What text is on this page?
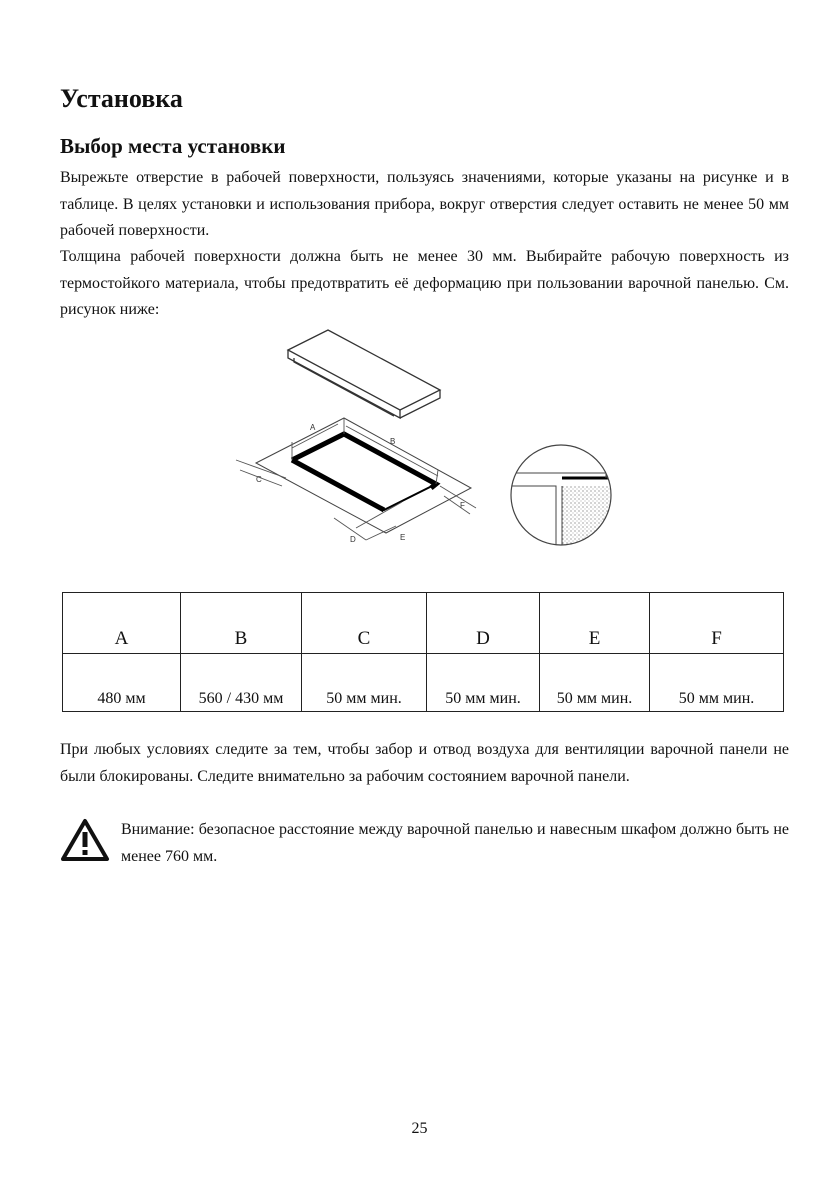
Установка
Выбор места установки
Вырежьте отверстие в рабочей поверхности, пользуясь значениями, которые указаны на рисунке и в таблице. В целях установки и использования прибора, вокруг отверстия следует оставить не менее 50 мм рабочей поверхности.
Толщина рабочей поверхности должна быть не менее 30 мм. Выбирайте рабочую поверхность из термостойкого материала, чтобы предотвратить её деформацию при пользовании варочной панелью. См. рисунок ниже:
A
B
C
D	E
F
A	B	C	D	E	F
480 мм	560 / 430 мм	50 мм мин.	50 мм мин.	50 мм мин.	50 мм мин.
При любых условиях следите за тем, чтобы забор и отвод воздуха для вентиляции варочной панели не были блокированы. Следите внимательно за рабочим состоянием варочной панели.
Внимание: безопасное расстояние между варочной панелью и навесным шкафом должно быть не менее 760 мм.
25
